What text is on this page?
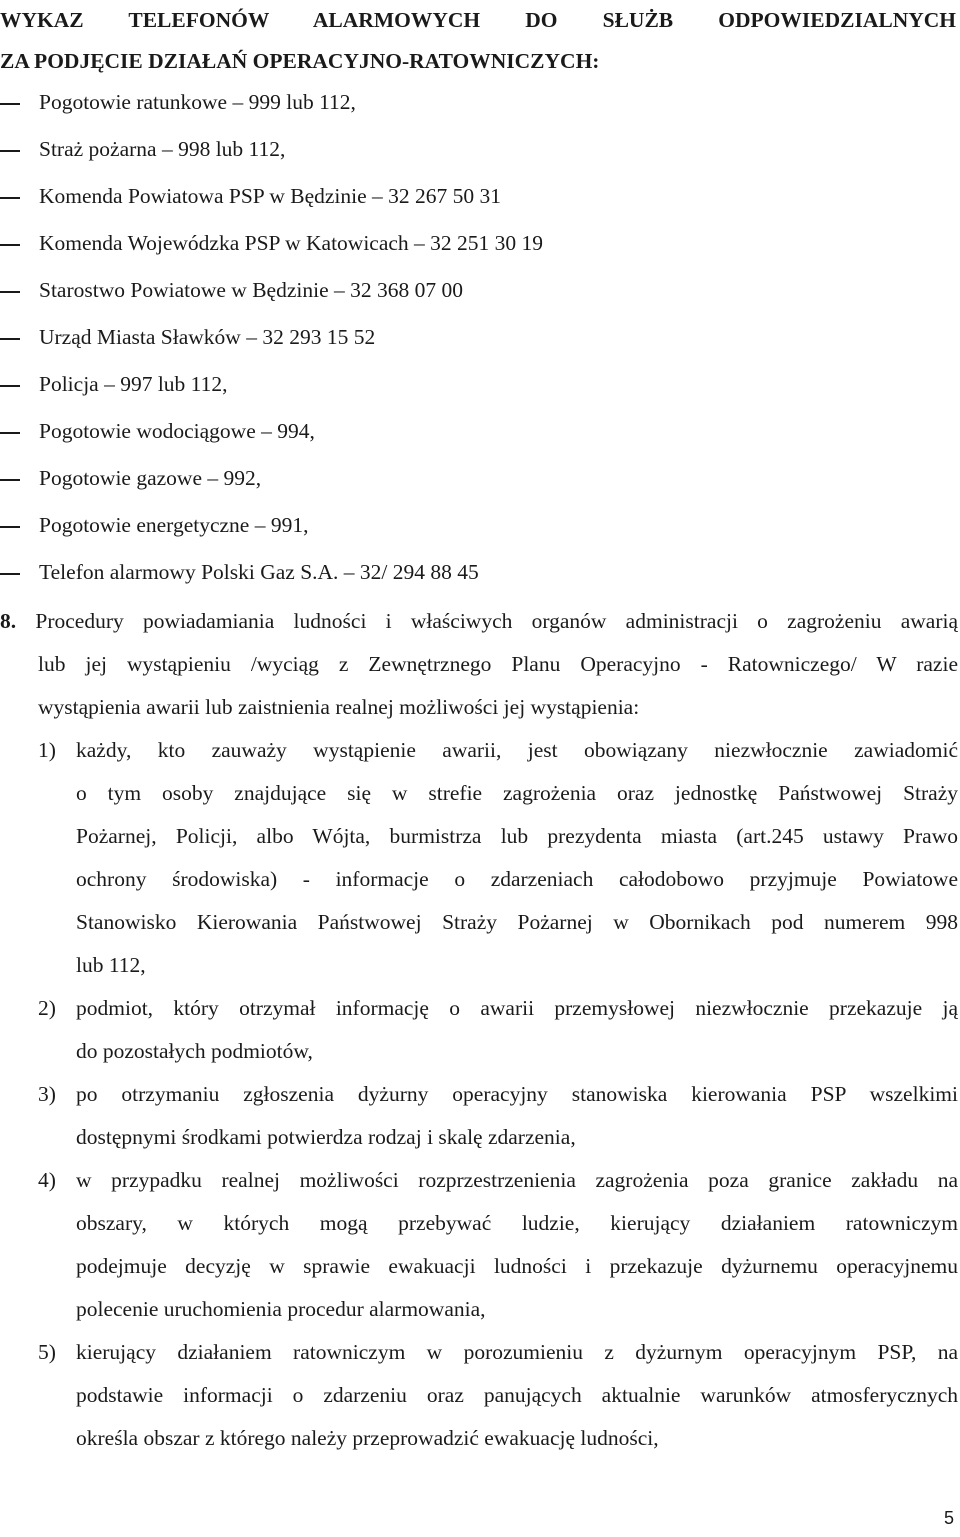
WYKAZ TELEFONÓW ALARMOWYCH DO SŁUŻB ODPOWIEDZIALNYCH
ZA PODJĘCIE DZIAŁAŃ OPERACYJNO-RATOWNICZYCH:
Pogotowie ratunkowe – 999 lub 112,
Straż pożarna – 998 lub 112,
Komenda Powiatowa PSP w Będzinie – 32 267 50 31
Komenda Wojewódzka PSP w Katowicach – 32 251 30 19
Starostwo Powiatowe w Będzinie – 32 368 07 00
Urząd Miasta Sławków – 32 293 15 52
Policja – 997 lub 112,
Pogotowie wodociągowe – 994,
Pogotowie gazowe – 992,
Pogotowie energetyczne – 991,
Telefon alarmowy Polski Gaz S.A. – 32/ 294 88 45
8. Procedury powiadamiania ludności i właściwych organów administracji o zagrożeniu awarią
lub jej wystąpieniu /wyciąg z Zewnętrznego Planu Operacyjno - Ratowniczego/ W razie
wystąpienia awarii lub zaistnienia realnej możliwości jej wystąpienia:
1) każdy, kto zauważy wystąpienie awarii, jest obowiązany niezwłocznie zawiadomić
o tym osoby znajdujące się w strefie zagrożenia oraz jednostkę Państwowej Straży
Pożarnej, Policji, albo Wójta, burmistrza lub prezydenta miasta (art.245 ustawy Prawo
ochrony środowiska) - informacje o zdarzeniach całodobowo przyjmuje Powiatowe
Stanowisko Kierowania Państwowej Straży Pożarnej w Obornikach pod numerem 998
lub 112,
2) podmiot, który otrzymał informację o awarii przemysłowej niezwłocznie przekazuje ją
do pozostałych podmiotów,
3) po otrzymaniu zgłoszenia dyżurny operacyjny stanowiska kierowania PSP wszelkimi
dostępnymi środkami potwierdza rodzaj i skalę zdarzenia,
4) w przypadku realnej możliwości rozprzestrzenienia zagrożenia poza granice zakładu na
obszary, w których mogą przebywać ludzie, kierujący działaniem ratowniczym
podejmuje decyzję w sprawie ewakuacji ludności i przekazuje dyżurnemu operacyjnemu
polecenie uruchomienia procedur alarmowania,
5) kierujący działaniem ratowniczym w porozumieniu z dyżurnym operacyjnym PSP, na
podstawie informacji o zdarzeniu oraz panujących aktualnie warunków atmosferycznych
określa obszar z którego należy przeprowadzić ewakuację ludności,
5
